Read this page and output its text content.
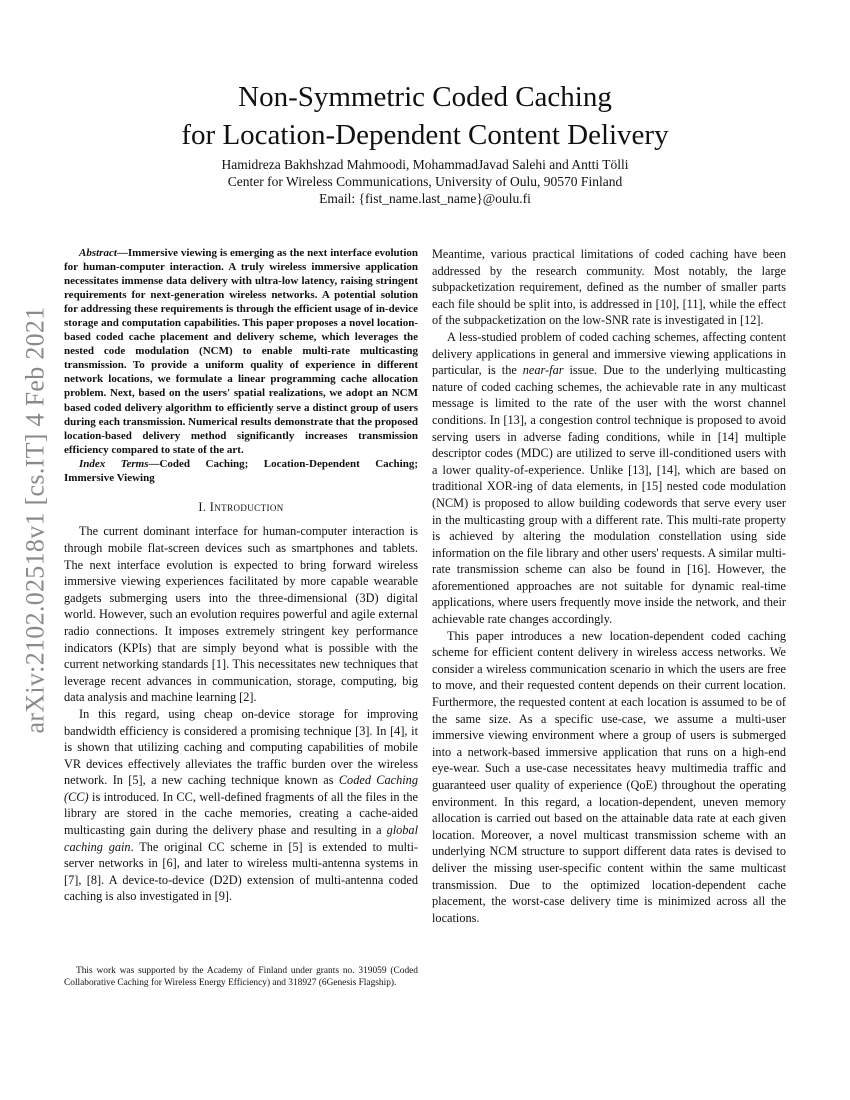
arXiv:2102.02518v1 [cs.IT] 4 Feb 2021
Non-Symmetric Coded Caching
for Location-Dependent Content Delivery
Hamidreza Bakhshzad Mahmoodi, MohammadJavad Salehi and Antti Tölli
Center for Wireless Communications, University of Oulu, 90570 Finland
Email: {fist_name.last_name}@oulu.fi

Abstract—Immersive viewing is emerging as the next interface evolution for human-computer interaction. A truly wireless immersive application necessitates immense data delivery with ultra-low latency, raising stringent requirements for next-generation wireless networks. A potential solution for addressing these requirements is through the efficient usage of in-device storage and computation capabilities. This paper proposes a novel location-based coded cache placement and delivery scheme, which leverages the nested code modulation (NCM) to enable multi-rate multicasting transmission. To provide a uniform quality of experience in different network locations, we formulate a linear programming cache allocation problem. Next, based on the users' spatial realizations, we adopt an NCM based coded delivery algorithm to efficiently serve a distinct group of users during each transmission. Numerical results demonstrate that the proposed location-based delivery method significantly increases transmission efficiency compared to state of the art.

Index Terms—Coded Caching; Location-Dependent Caching; Immersive Viewing

I. Introduction

The current dominant interface for human-computer interaction is through mobile flat-screen devices such as smartphones and tablets. The next interface evolution is expected to bring forward wireless immersive viewing experiences facilitated by more capable wearable gadgets submerging users into the three-dimensional (3D) digital world. However, such an evolution requires powerful and agile external radio connections. It imposes extremely stringent key performance indicators (KPIs) that are simply beyond what is possible with the current networking standards [1]. This necessitates new techniques that leverage recent advances in communication, storage, computing, big data analysis and machine learning [2].

In this regard, using cheap on-device storage for improving bandwidth efficiency is considered a promising technique [3]. In [4], it is shown that utilizing caching and computing capabilities of mobile VR devices effectively alleviates the traffic burden over the wireless network. In [5], a new caching technique known as Coded Caching (CC) is introduced. In CC, well-defined fragments of all the files in the library are stored in the cache memories, creating a cache-aided multicasting gain during the delivery phase and resulting in a global caching gain. The original CC scheme in [5] is extended to multi-server networks in [6], and later to wireless multi-antenna systems in [7], [8]. A device-to-device (D2D) extension of multi-antenna coded caching is also investigated in [9].

This work was supported by the Academy of Finland under grants no. 319059 (Coded Collaborative Caching for Wireless Energy Efficiency) and 318927 (6Genesis Flagship).

Meantime, various practical limitations of coded caching have been addressed by the research community. Most notably, the large subpacketization requirement, defined as the number of smaller parts each file should be split into, is addressed in [10], [11], while the effect of the subpacketization on the low-SNR rate is investigated in [12].

A less-studied problem of coded caching schemes, affecting content delivery applications in general and immersive viewing applications in particular, is the near-far issue. Due to the underlying multicasting nature of coded caching schemes, the achievable rate in any multicast message is limited to the rate of the user with the worst channel conditions. In [13], a congestion control technique is proposed to avoid serving users in adverse fading conditions, while in [14] multiple descriptor codes (MDC) are utilized to serve ill-conditioned users with a lower quality-of-experience. Unlike [13], [14], which are based on traditional XOR-ing of data elements, in [15] nested code modulation (NCM) is proposed to allow building codewords that serve every user in the multicasting group with a different rate. This multi-rate property is achieved by altering the modulation constellation using side information on the file library and other users' requests. A similar multi-rate transmission scheme can also be found in [16]. However, the aforementioned approaches are not suitable for dynamic real-time applications, where users frequently move inside the network, and their achievable rate changes accordingly.

This paper introduces a new location-dependent coded caching scheme for efficient content delivery in wireless access networks. We consider a wireless communication scenario in which the users are free to move, and their requested content depends on their current location. Furthermore, the requested content at each location is assumed to be of the same size. As a specific use-case, we assume a multi-user immersive viewing environment where a group of users is submerged into a network-based immersive application that runs on a high-end eye-wear. Such a use-case necessitates heavy multimedia traffic and guaranteed user quality of experience (QoE) throughout the operating environment. In this regard, a location-dependent, uneven memory allocation is carried out based on the attainable data rate at each given location. Moreover, a novel multicast transmission scheme with an underlying NCM structure to support different data rates is devised to deliver the missing user-specific content within the same multicast transmission. Due to the optimized location-dependent cache placement, the worst-case delivery time is minimized across all the locations.
